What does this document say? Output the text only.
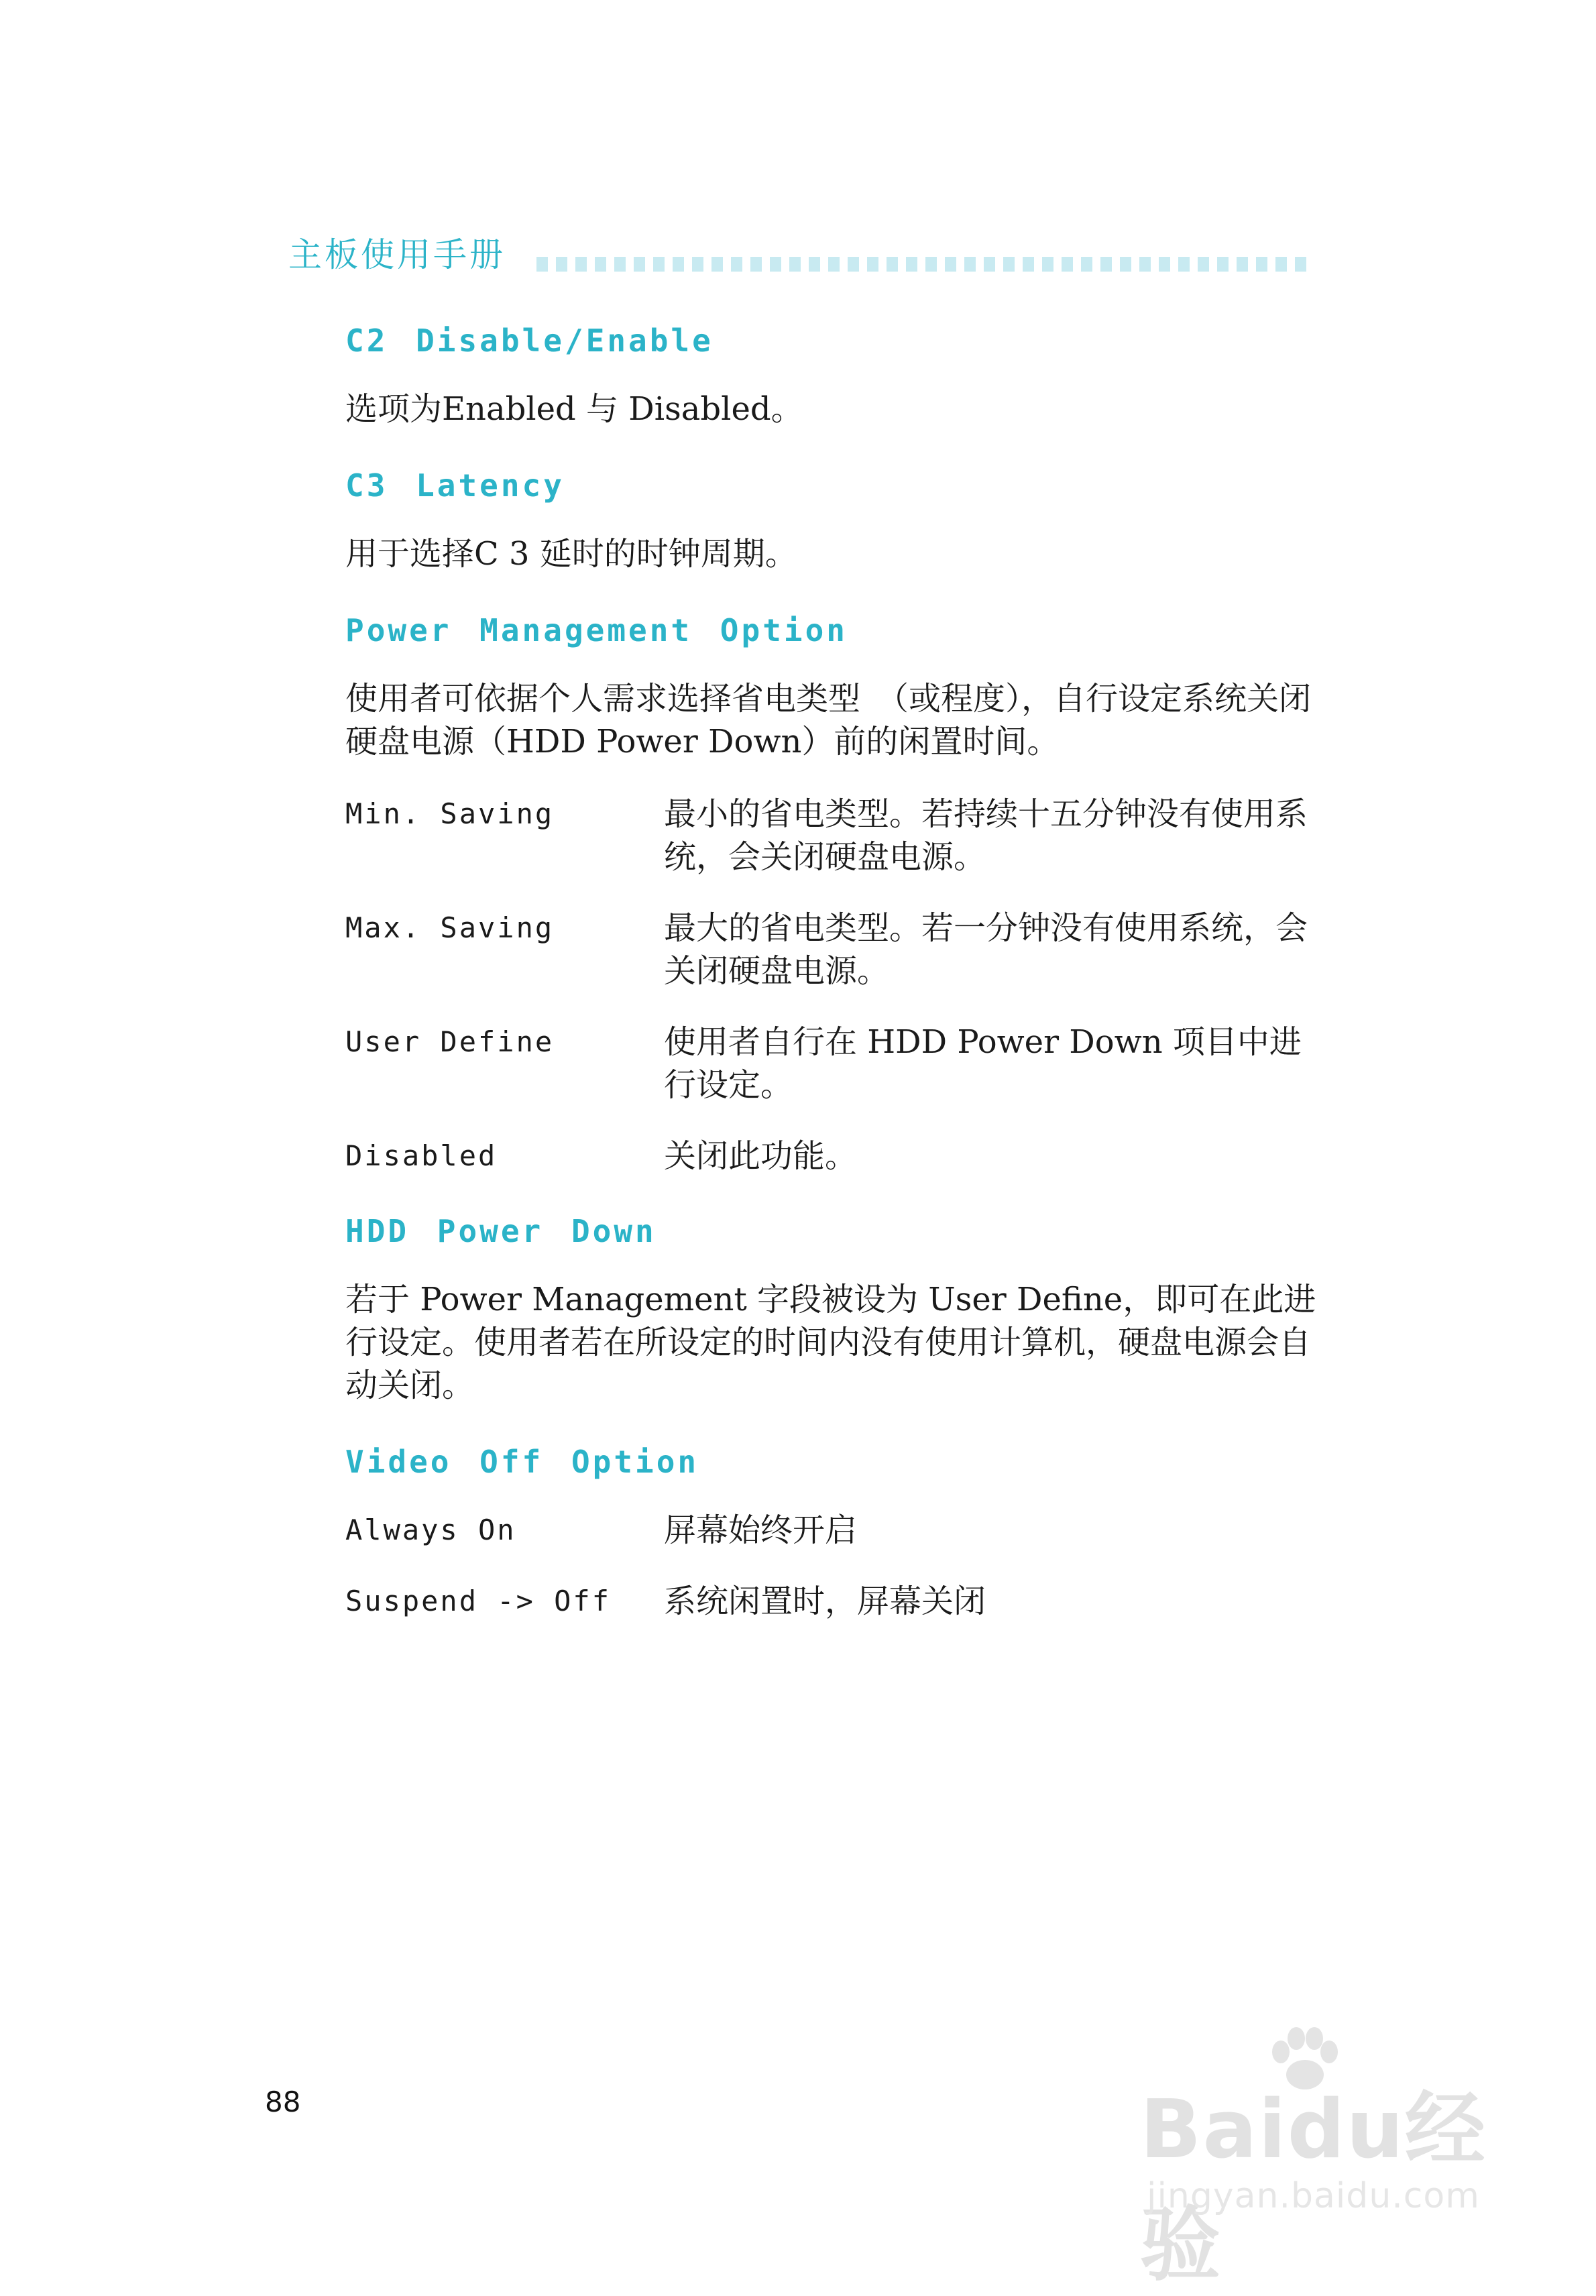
主板使用手册
C2 Disable/Enable
选项为Enabled 与 Disabled。
C3 Latency
用于选择C 3 延时的时钟周期。
Power Management Option
使用者可依据个人需求选择省电类型　（或程度），自行设定系统关闭硬盘电源（HDD Power Down）前的闲置时间。
Min. Saving	最小的省电类型。若持续十五分钟没有使用系统，会关闭硬盘电源。
Max. Saving	最大的省电类型。若一分钟没有使用系统，会关闭硬盘电源。
User Define	使用者自行在 HDD Power Down 项目中进行设定。
Disabled	关闭此功能。
HDD Power Down
若于 Power Management 字段被设为 User Define，即可在此进行设定。使用者若在所设定的时间内没有使用计算机，硬盘电源会自动关闭。
Video Off Option
Always On	屏幕始终开启
Suspend -> Off	系统闲置时，屏幕关闭
88	Baidu经验
jingyan.baidu.com
